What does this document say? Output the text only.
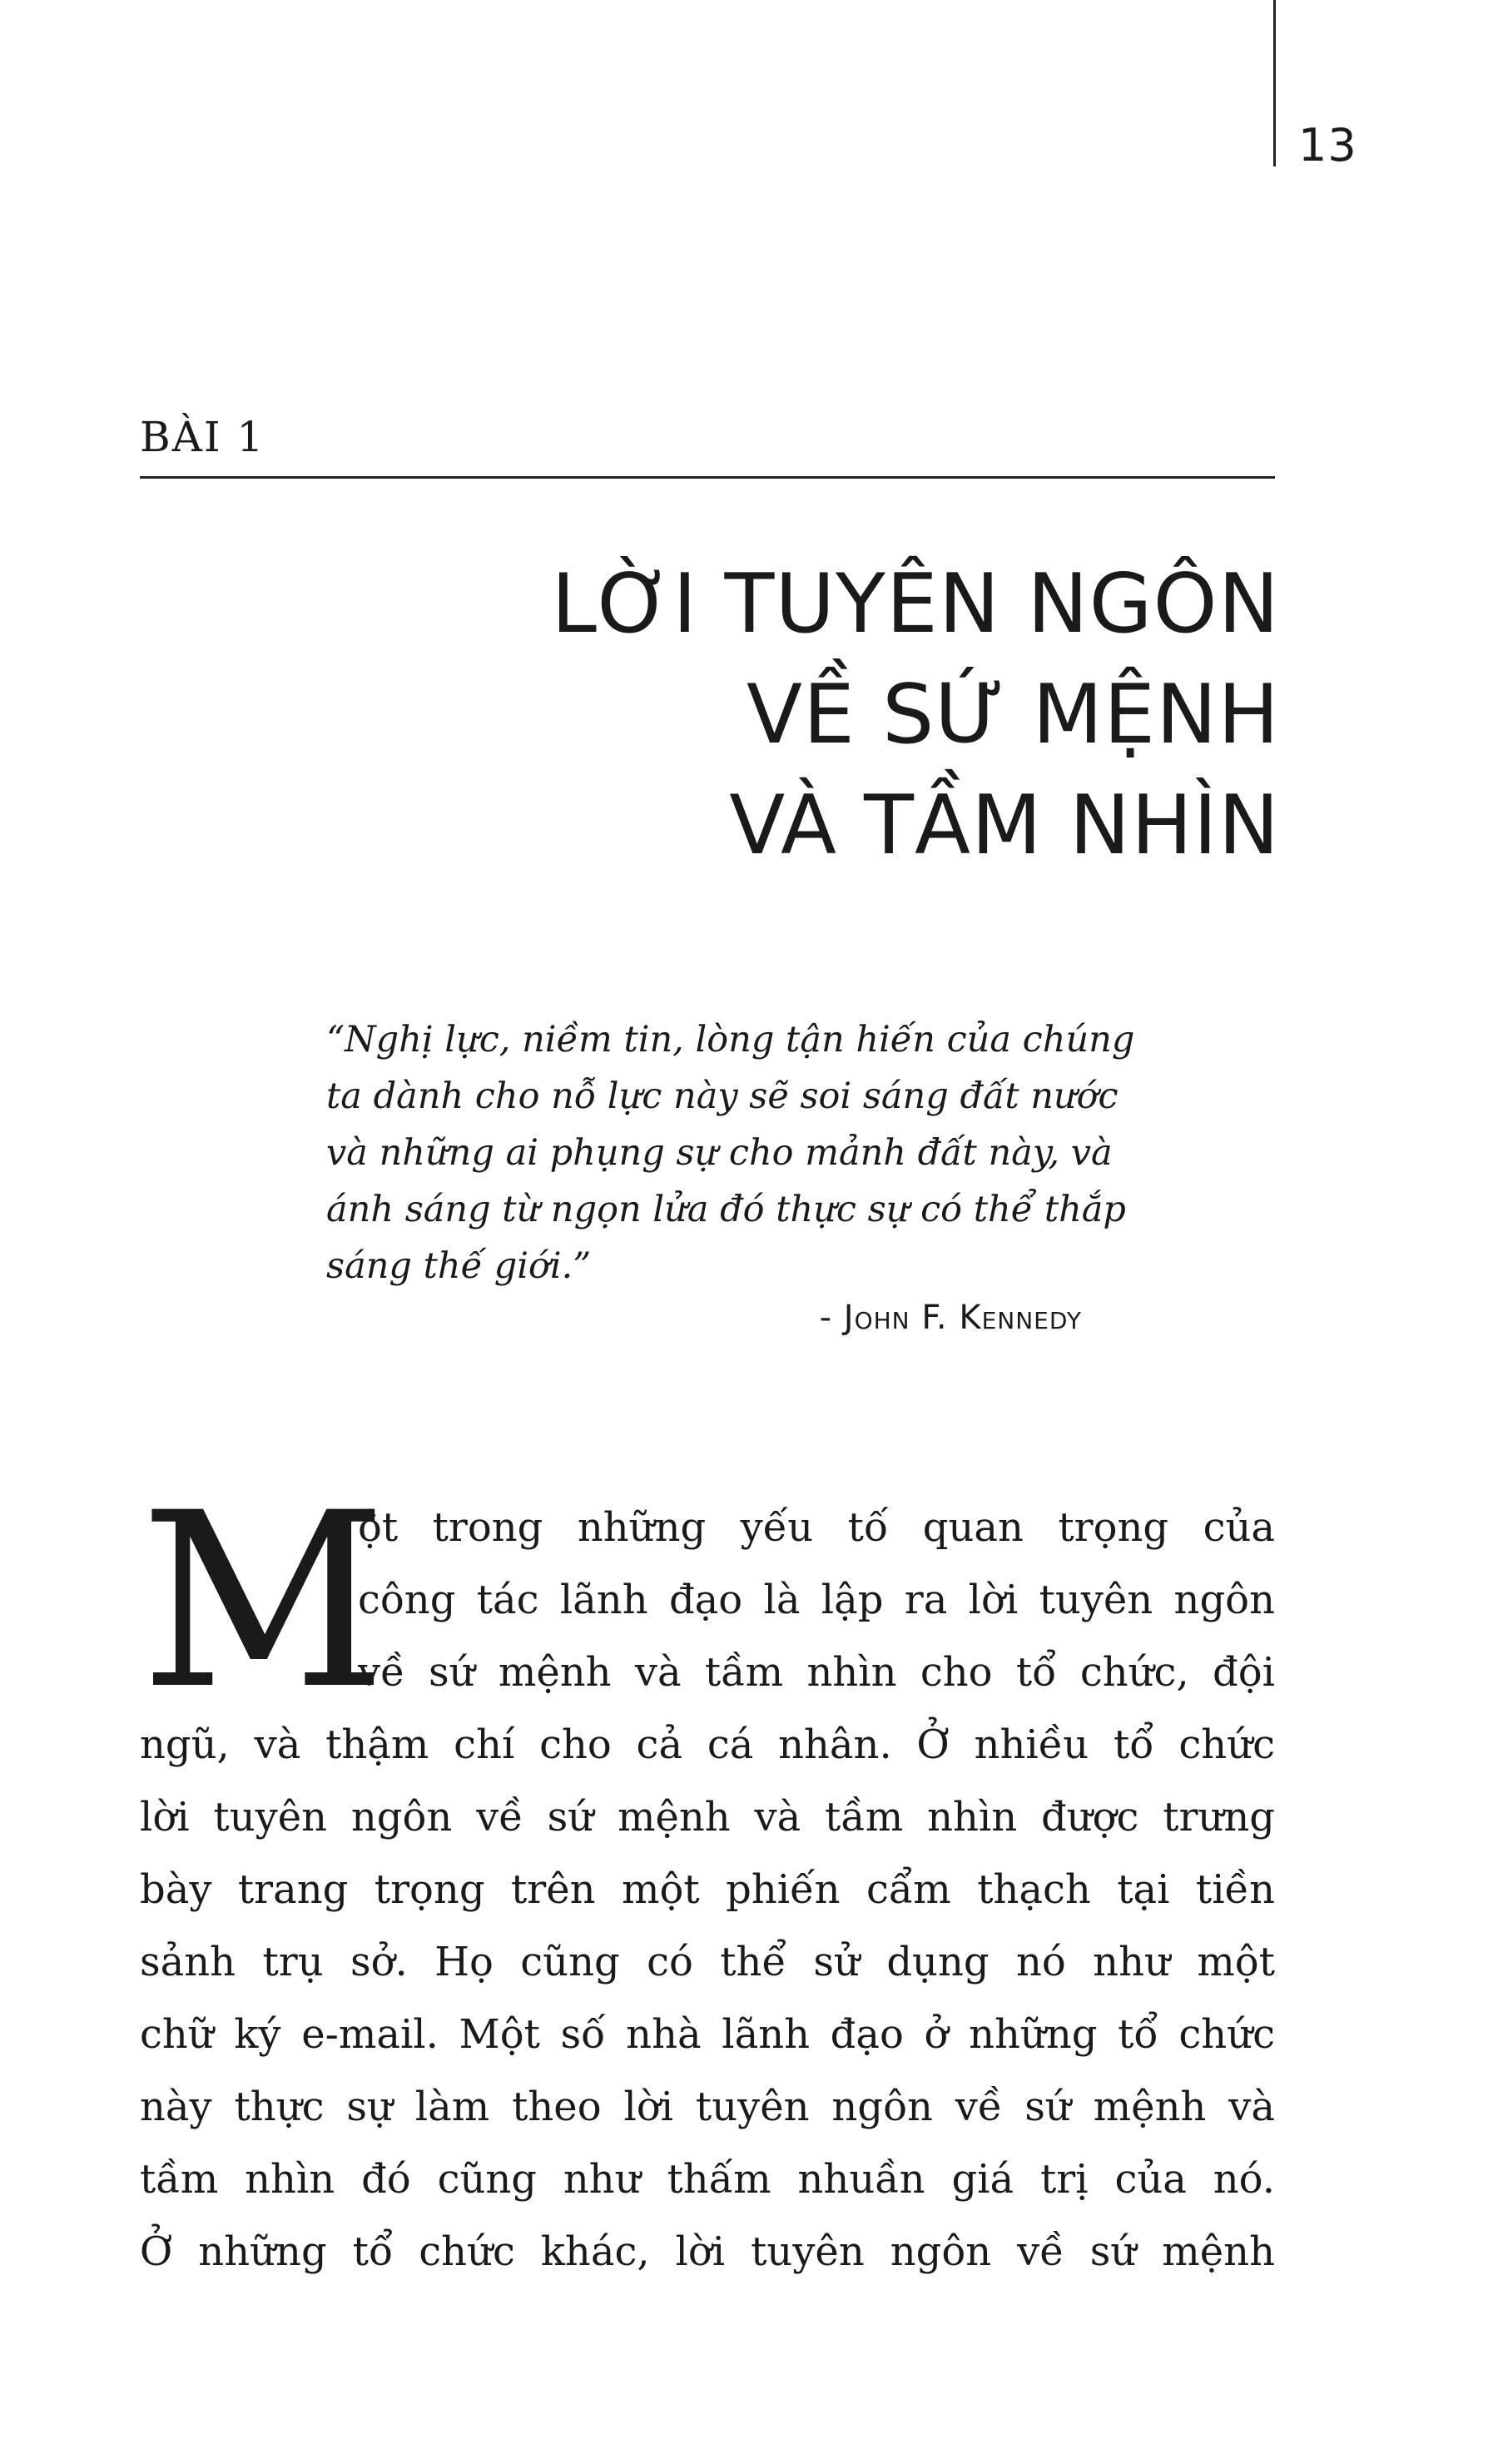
13
BÀI 1
LỜI TUYÊN NGÔN
VỀ SỨ MỆNH
VÀ TẦM NHÌN
“Nghị lực, niềm tin, lòng tận hiến của chúng
ta dành cho nỗ lực này sẽ soi sáng đất nước
và những ai phụng sự cho mảnh đất này, và
ánh sáng từ ngọn lửa đó thực sự có thể thắp
sáng thế giới.”
- John F. Kennedy
M
ột trong những yếu tố quan trọng của
công tác lãnh đạo là lập ra lời tuyên ngôn
về sứ mệnh và tầm nhìn cho tổ chức, đội
ngũ, và thậm chí cho cả cá nhân. Ở nhiều tổ chức
lời tuyên ngôn về sứ mệnh và tầm nhìn được trưng
bày trang trọng trên một phiến cẩm thạch tại tiền
sảnh trụ sở. Họ cũng có thể sử dụng nó như một
chữ ký e-mail. Một số nhà lãnh đạo ở những tổ chức
này thực sự làm theo lời tuyên ngôn về sứ mệnh và
tầm nhìn đó cũng như thấm nhuần giá trị của nó.
Ở những tổ chức khác, lời tuyên ngôn về sứ mệnh
